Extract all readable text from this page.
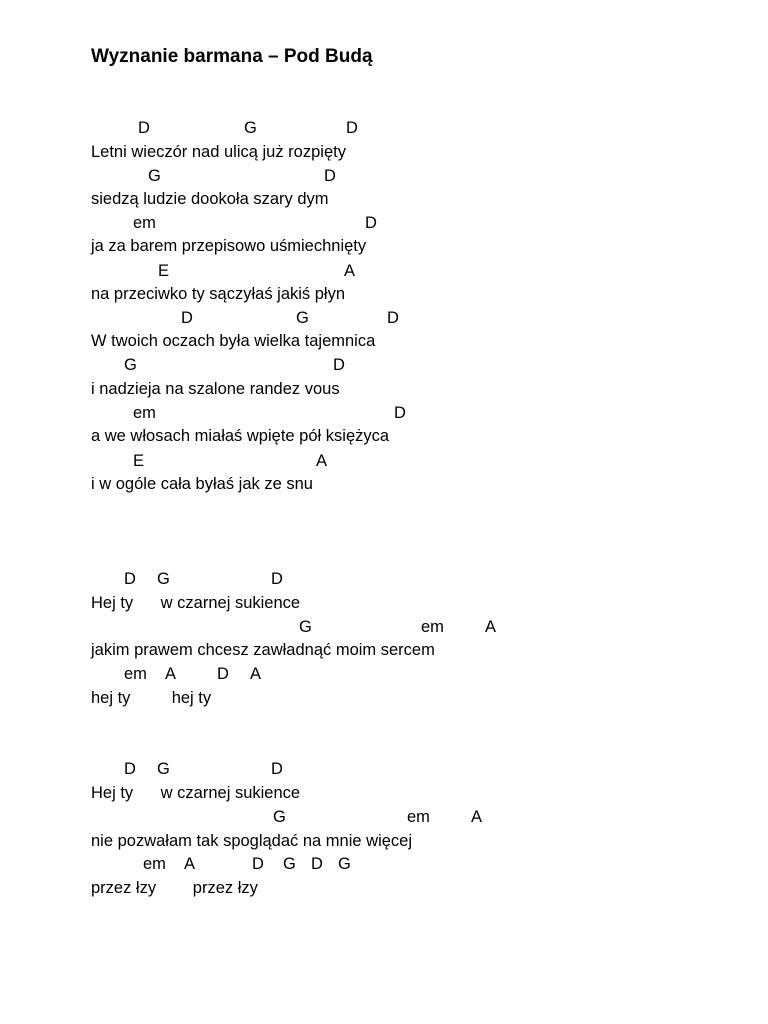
Wyznanie barmana – Pod Budą
D	G	D
Letni wieczór nad ulicą już rozpięty
G	D
siedzą ludzie dookoła szary dym
em	D
ja za barem przepisowo uśmiechnięty
E	A
na przeciwko ty sączyłaś jakiś płyn
D	G	D
W twoich oczach była wielka tajemnica
G	D
i nadzieja na szalone randez vous
em	D
a we włosach miałaś wpięte pół księżyca
E	A
i w ogóle cała byłaś jak ze snu
D G	D
Hej ty      w czarnej sukience
G	em A
jakim prawem chcesz zawładnąć moim sercem
em A D A
hej ty         hej ty
D G	D
Hej ty      w czarnej sukience
G	em A
nie pozwałam tak spoglądać na mnie więcej
em A	D G D G
przez łzy        przez łzy
